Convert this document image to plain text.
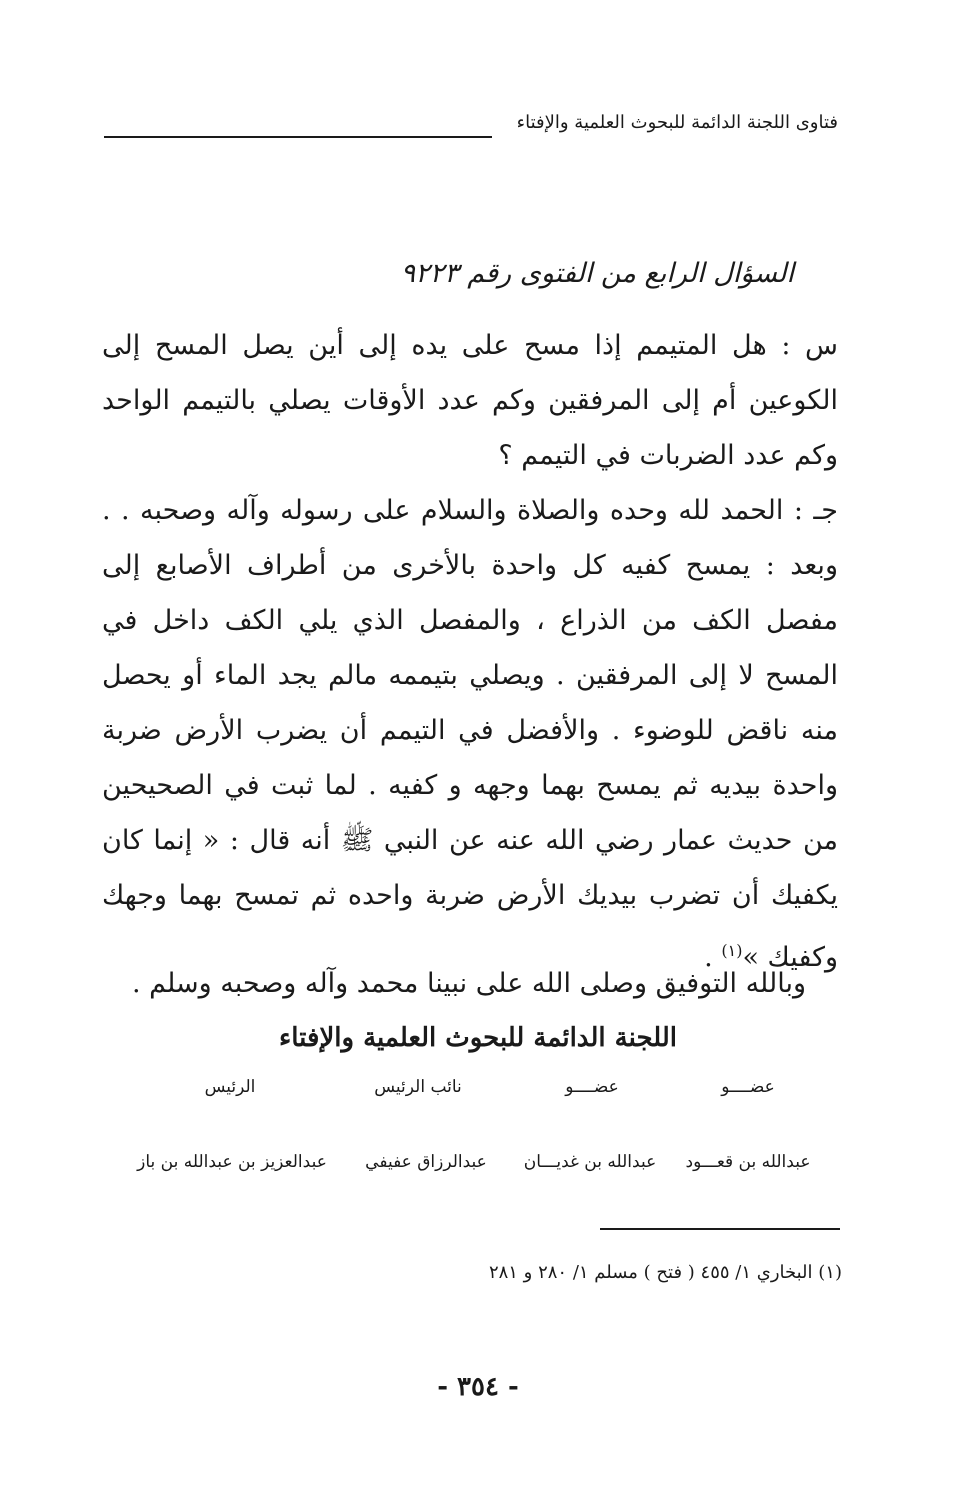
فتاوى اللجنة الدائمة للبحوث العلمية والإفتاء
السؤال الرابع من الفتوى رقم ٩٢٢٣
س : هل المتيمم إذا مسح على يده إلى أين يصل المسح إلى الكوعين أم إلى المرفقين وكم عدد الأوقات يصلي بالتيمم الواحد وكم عدد الضربات في التيمم ؟
جـ : الحمد لله وحده والصلاة والسلام على رسوله وآله وصحبه . . وبعد : يمسح كفيه كل واحدة بالأخرى من أطراف الأصابع إلى مفصل الكف من الذراع ، والمفصل الذي يلي الكف داخل في المسح لا إلى المرفقين . ويصلي بتيممه مالم يجد الماء أو يحصل منه ناقض للوضوء . والأفضل في التيمم أن يضرب الأرض ضربة واحدة بيديه ثم يمسح بهما وجهه و كفيه . لما ثبت في الصحيحين من حديث عمار رضي الله عنه عن النبي ﷺ أنه قال : « إنما كان يكفيك أن تضرب بيديك الأرض ضربة واحده ثم تمسح بهما وجهك وكفيك »$^{(١)}$ .
وبالله التوفيق وصلى الله على نبينا محمد وآله وصحبه وسلم .
اللجنة الدائمة للبحوث العلمية والإفتاء
عضــــو
عضــــو
نائب الرئيس
الرئيس
عبدالله بن قعـــود
عبدالله بن غديـــان
عبدالرزاق عفيفي
عبدالعزيز بن عبدالله بن باز
(١) البخاري ١/ ٤٥٥ ( فتح ) مسلم ١/ ٢٨٠ و ٢٨١
- ٣٥٤ -
